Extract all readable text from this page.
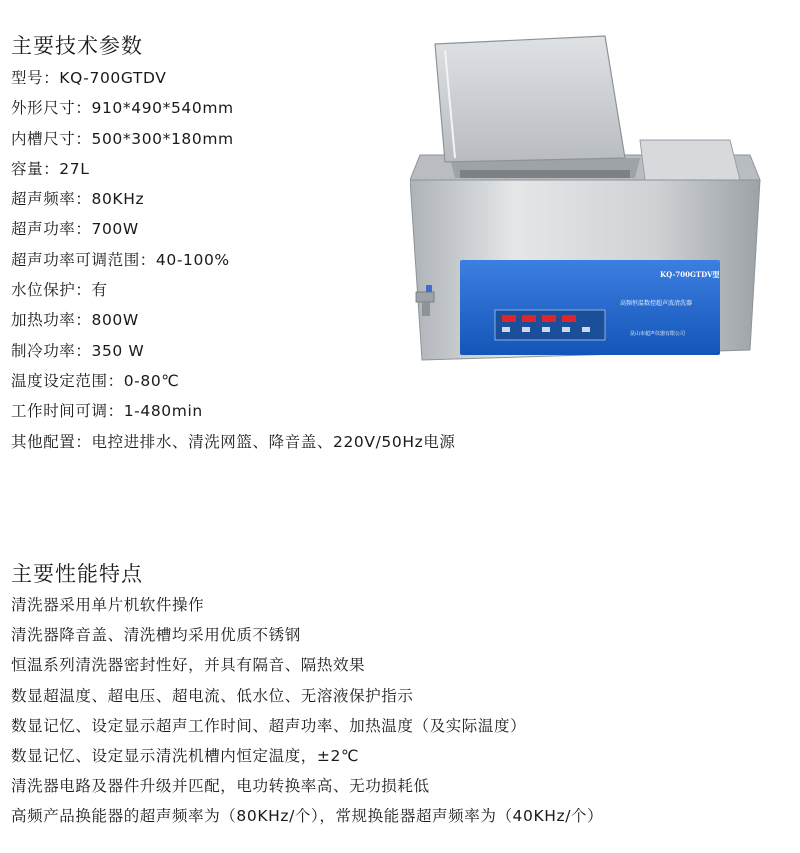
主要技术参数
型号：KQ-700GTDV
外形尺寸：910*490*540mm
内槽尺寸：500*300*180mm
容量：27L
超声频率：80KHz
超声功率：700W
超声功率可调范围：40-100%
水位保护：有
加热功率：800W
制冷功率：350 W
温度设定范围：0-80℃
工作时间可调：1-480min
其他配置：电控进排水、清洗网篮、降音盖、220V/50Hz电源
KQ-700GTDV型
高频恒温数控超声波清洗器
昆山市超声仪器有限公司
主要性能特点
清洗器采用单片机软件操作
清洗器降音盖、清洗槽均采用优质不锈钢
恒温系列清洗器密封性好，并具有隔音、隔热效果
数显超温度、超电压、超电流、低水位、无溶液保护指示
数显记忆、设定显示超声工作时间、超声功率、加热温度（及实际温度）
数显记忆、设定显示清洗机槽内恒定温度，±2℃
清洗器电路及器件升级并匹配，电功转换率高、无功损耗低
高频产品换能器的超声频率为（80KHz/个），常规换能器超声频率为（40KHz/个）
